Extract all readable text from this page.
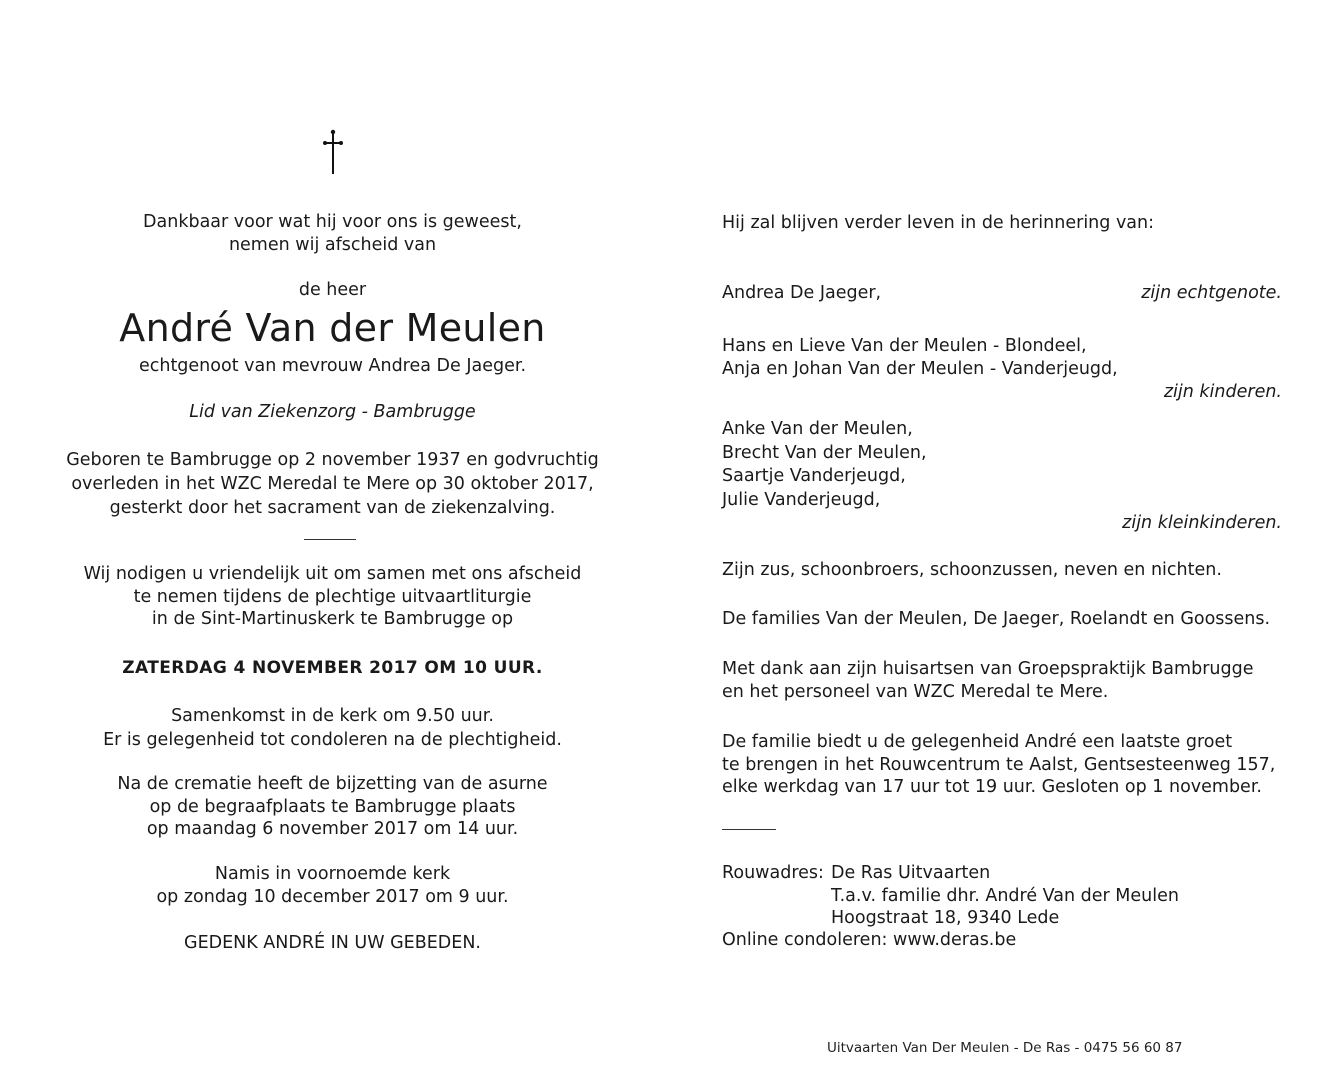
Dankbaar voor wat hij voor ons is geweest,
nemen wij afscheid van
de heer
André Van der Meulen
echtgenoot van mevrouw Andrea De Jaeger.
Lid van Ziekenzorg - Bambrugge
Geboren te Bambrugge op 2 november 1937 en godvruchtig
overleden in het WZC Meredal te Mere op 30 oktober 2017,
gesterkt door het sacrament van de ziekenzalving.
Wij nodigen u vriendelijk uit om samen met ons afscheid
te nemen tijdens de plechtige uitvaartliturgie
in de Sint-Martinuskerk te Bambrugge op
ZATERDAG 4 NOVEMBER 2017 OM 10 UUR.
Samenkomst in de kerk om 9.50 uur.
Er is gelegenheid tot condoleren na de plechtigheid.
Na de crematie heeft de bijzetting van de asurne
op de begraafplaats te Bambrugge plaats
op maandag 6 november 2017 om 14 uur.
Namis in voornoemde kerk
op zondag 10 december 2017 om 9 uur.
GEDENK ANDRÉ IN UW GEBEDEN.
Hij zal blijven verder leven in de herinnering van:
Andrea De Jaeger,	zijn echtgenote.
Hans en Lieve Van der Meulen - Blondeel,
Anja en Johan Van der Meulen - Vanderjeugd,
zijn kinderen.
Anke Van der Meulen,
Brecht Van der Meulen,
Saartje Vanderjeugd,
Julie Vanderjeugd,
zijn kleinkinderen.
Zijn zus, schoonbroers, schoonzussen, neven en nichten.
De families Van der Meulen, De Jaeger, Roelandt en Goossens.
Met dank aan zijn huisartsen van Groepspraktijk Bambrugge
en het personeel van WZC Meredal te Mere.
De familie biedt u de gelegenheid André een laatste groet
te brengen in het Rouwcentrum te Aalst, Gentsesteenweg 157,
elke werkdag van 17 uur tot 19 uur. Gesloten op 1 november.
Rouwadres: De Ras Uitvaarten
T.a.v. familie dhr. André Van der Meulen
Hoogstraat 18, 9340 Lede
Online condoleren: www.deras.be
Uitvaarten Van Der Meulen - De Ras - 0475 56 60 87
